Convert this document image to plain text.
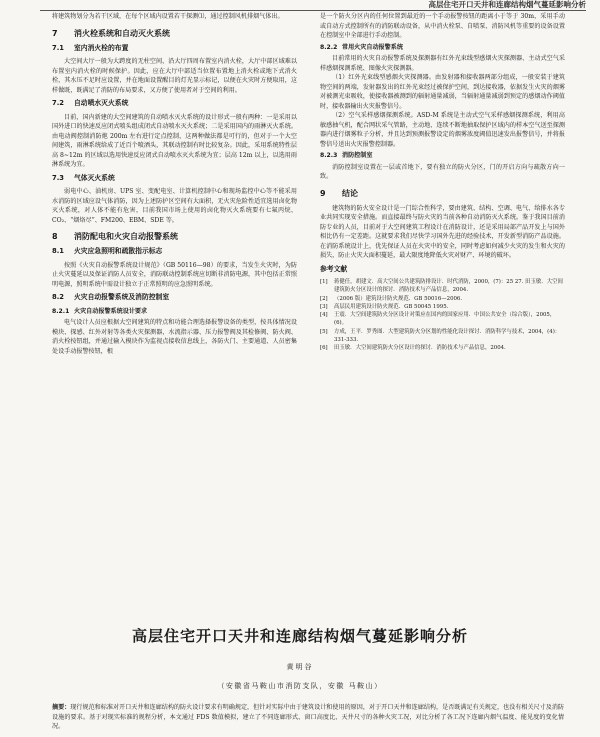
高层住宅开口天井和连廊结构烟气蔓延影响分析

将建筑物划分为若干区域，在每个区域内设置若干探测⑴，通过控制风机排烟气体出。

7 消火栓系统和自动灭火系统
7.1 室内消火栓的布置

大空间大厅一般为大跨度的无柱空间，沿大厅四周布置室内消火栓，大厅中部区域难以布置室内消火栓的时候保护。因此，应在大厅中部适当位置布置地上消火栓或地下式消火栓，其水压不足时应设置，并在地面设置醒目的灯光显示标记，以便在火灾时方便取用，这样做既，既满足了消防的布局要求，又方便了使用者对于空间的利用。

7.2 自动喷水灭火系统

目前，国内新建的大空间建筑的自动喷水灭火系统的设计形式一般有两种：一是采用以国外进口的快速反应闭式喷头组成闭式自动喷水灭火系统；二是采用国内的雨淋灭火系统。由电动阀控制消防炮 200m 左右进行定点控制，这两种做法都是可行的，但对于一个大空间建筑，雨淋系统给成了近百个喷洒头，其联动控制有时比较复杂。因此，采用系统特性层高 8~12m 的区域以选用快速反应闭式自动喷水灭火系统为宜；层高 12m 以上，以选用雨淋系统为宜。

7.3 气体灭火系统

弱电中心、油机房、UPS 室、变配电室、计算机控制中心和现场监控中心等不能采用水消防的区域应设气体消防，因为上述防护区空间有大面积，无火灾危险性适宜选用卤化物灭火系统，对人体不能有危害，目前我国市场上使用的卤化物灭火系统要有七氟丙烷、CO₂、“烟烙尽”、FM200、EBM、SDE 等。

8 消防配电和火灾自动报警系统
8.1 火灾应急照明和疏散指示标志

按照《火灾自动报警系统设计规范》（GB 50116—98）的要求，当发生火灾时，为防止火灾蔓延以及保证消防人员安全，消防联动控制系统应切断非消防电源，其中包括正常照明电源，照明系统中需设计独立于正常照明的应急照明系统。

8.2 火灾自动报警系统及消防控制室
8.2.1 火灾自动报警系统设计要求

电气设计人员应根据大空间建筑的特点和功能合理选择报警设备的类型，按具体情况设模块、探感、红外对射等各类火灾探测器，水流指示器、压力报警阀及其检修阀、防火阀、消火栓按钮组，并通过输入模块作为监视点接收信息线上，各防火门、主要通道、人员密集处设手动报警按钮，根

是一个防火分区内的任何位置到最近的一个手动报警按钮的距离小于等于 30m，采用手动或自动方式控制所有的消防联动设备，从中消火栓泵、自喷泵、消防风机等重要的设备设置在控制室中全部进行手动控制。

8.2.2 常用火灾自动报警系统

目前常用的火灾自动报警系统及探测器有红外光束线型感烟火灾探测器、主动式空气采样感烟探测系统、图像火灾探测器。

（1）红外光束线型感烟火灾探测器。由发射器和接收器两部分组成，一般安装于建筑物空间的两端，发射器发出的红外光束经过被保护空间，到达接收器，依据发生火灾的烟雾对被测光束吸收，使接收器被测到的辐射通量减弱，当辐射通量减弱到预定的感烟动作阈值时，接收器输出火灾报警信号。

（2）空气采样感烟探测系统。ASD-M 系统是主动式空气采样感烟探测系统，利用高敏感抽气机，配合网状采气管路，主动地、连续不断地抽取保护区域内的样本空气送至探测器内进行烟雾粒子分析，并且达到预测报警设定的烟雾浓度阈值迅速发出报警信号，并将报警信号送出火灾报警控制器。

8.2.3 消防控制室

消防控制室设置在一层或首地下，要有独立的防火分区，门的开启方向与疏散方向一致。

9 结论

建筑物的防火安全设计是一门综合性科学，要由建筑、结构、空调、电气、给排水各专业共同实现安全措施。而直接最终与防火灾的当前各种自动消防灭火系统。鉴于我国目前消防专业的人员，目前对于大空间建筑工程设计在消防设计，还是采用局部产品开发上与国外相比仍有一定差距。这就要求我们尽快学习国外先进的经验技术，开发新型消防产品设施。在消防系统设计上，优先保证人员在火灾中的安全，同时考虑如何减少火灾的发生和火灾的损失，防止火灾大面积蔓延，最大限度地降低火灾对财产、环境的破坏。

参考文献
[1] 蒋健任，胡建文．高大空间公共建筑防排设计．时代消防，2000，(7)：25 27. 田玉敏．大空间建筑防火分区设计的探讨．消防技术与产品信息，2004.
[2] （2006 版）建筑设计防火规范．GB 50016—2006.
[3] 高层民用建筑设计防火规范．GB 50045 1995.
[4] 王震．大空间建筑防火分区设计对策应在国内的国家应用．中国公共安全（综合版），2005，(6)。
[5] 方成，王平．罗秀图．大型建筑防火分区划的性能化设计探讨．消防科学与技术，2004，(4)：331-333.
[6] 田玉敏．大空间建筑防火分区设计的探讨．消防技术与产品信息，2004.
高层住宅开口天井和连廊结构烟气蔓延影响分析
黄明谷
（安徽省马鞍山市消防支队，安徽 马鞍山）
摘要：现行规范和标准对开口天井和连廊结构的防火设计要求有明确规定，但针对实际中由于建筑设计和使用的原因，对于开口天井和连廊结构，是否既满足有关规定，也没有相关尺寸及消防设施的要求。基于对现实标准的规程分析，本文通过 FDS 数值模拟，建立了不同连廊形式、窗口高度比、天井尺寸的各种火灾工况，对比分析了各工况下连廊内烟气温度、能见度的变化情况。
